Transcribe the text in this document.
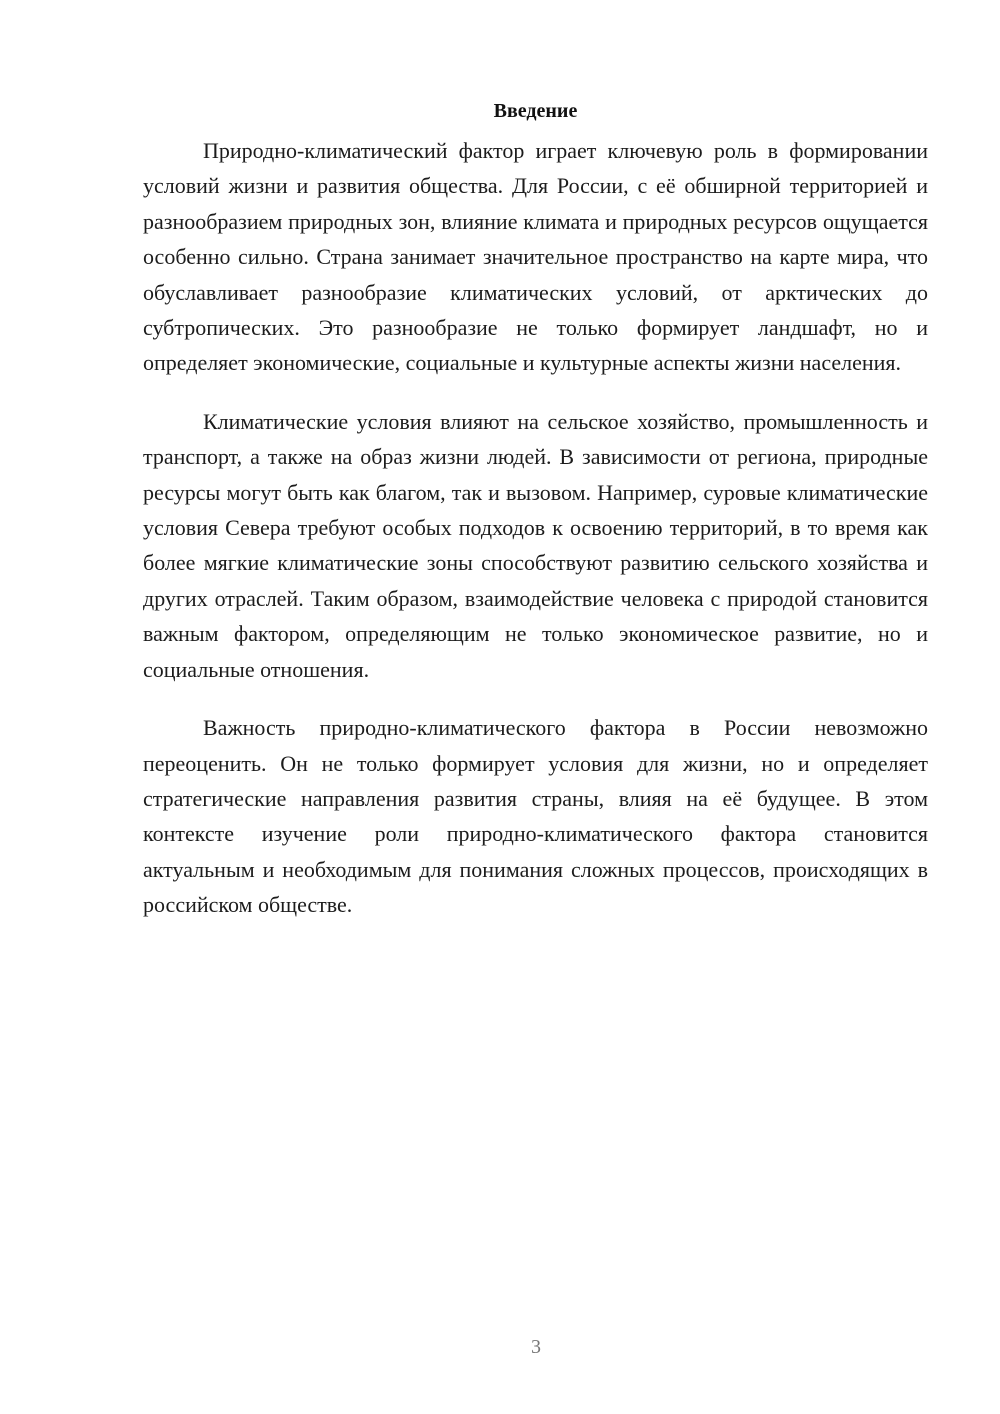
Введение

Природно-климатический фактор играет ключевую роль в формировании условий жизни и развития общества. Для России, с её обширной территорией и разнообразием природных зон, влияние климата и природных ресурсов ощущается особенно сильно. Страна занимает значительное пространство на карте мира, что обуславливает разнообразие климатических условий, от арктических до субтропических. Это разнообразие не только формирует ландшафт, но и определяет экономические, социальные и культурные аспекты жизни населения.

Климатические условия влияют на сельское хозяйство, промышленность и транспорт, а также на образ жизни людей. В зависимости от региона, природные ресурсы могут быть как благом, так и вызовом. Например, суровые климатические условия Севера требуют особых подходов к освоению территорий, в то время как более мягкие климатические зоны способствуют развитию сельского хозяйства и других отраслей. Таким образом, взаимодействие человека с природой становится важным фактором, определяющим не только экономическое развитие, но и социальные отношения.

Важность природно-климатического фактора в России невозможно переоценить. Он не только формирует условия для жизни, но и определяет стратегические направления развития страны, влияя на её будущее. В этом контексте изучение роли природно-климатического фактора становится актуальным и необходимым для понимания сложных процессов, происходящих в российском обществе.

3
